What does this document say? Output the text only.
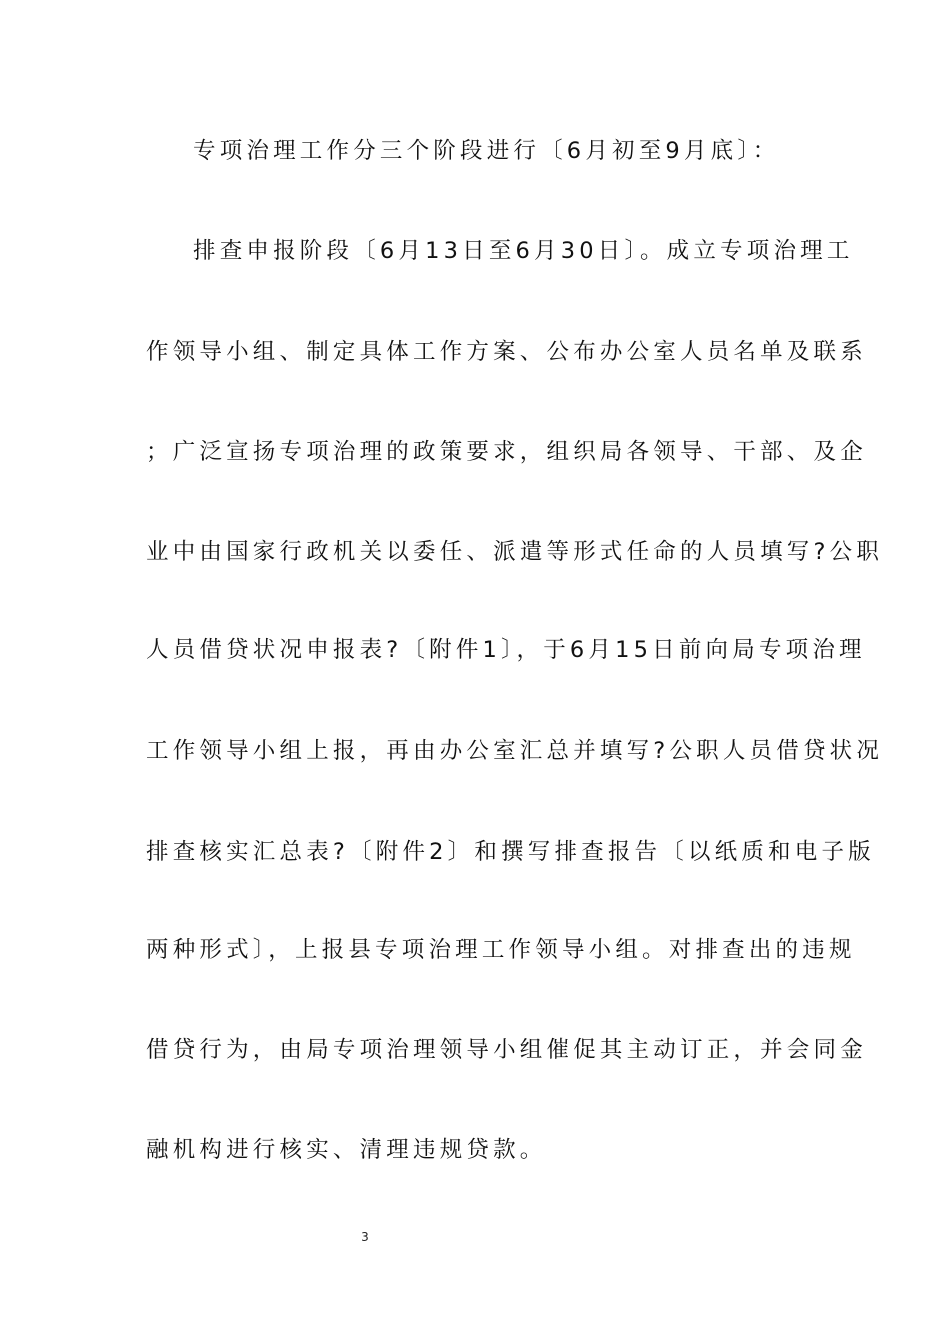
专项治理工作分三个阶段进行〔6月初至9月底〕：
排查申报阶段〔6月13日至6月30日〕。成立专项治理工
作领导小组、制定具体工作方案、公布办公室人员名单及联系
；广泛宣扬专项治理的政策要求，组织局各领导、干部、及企
业中由国家行政机关以委任、派遣等形式任命的人员填写?公职
人员借贷状况申报表?〔附件1〕，于6月15日前向局专项治理
工作领导小组上报，再由办公室汇总并填写?公职人员借贷状况
排查核实汇总表?〔附件2〕和撰写排查报告〔以纸质和电子版
两种形式〕，上报县专项治理工作领导小组。对排查出的违规
借贷行为，由局专项治理领导小组催促其主动订正，并会同金
融机构进行核实、清理违规贷款。
3
